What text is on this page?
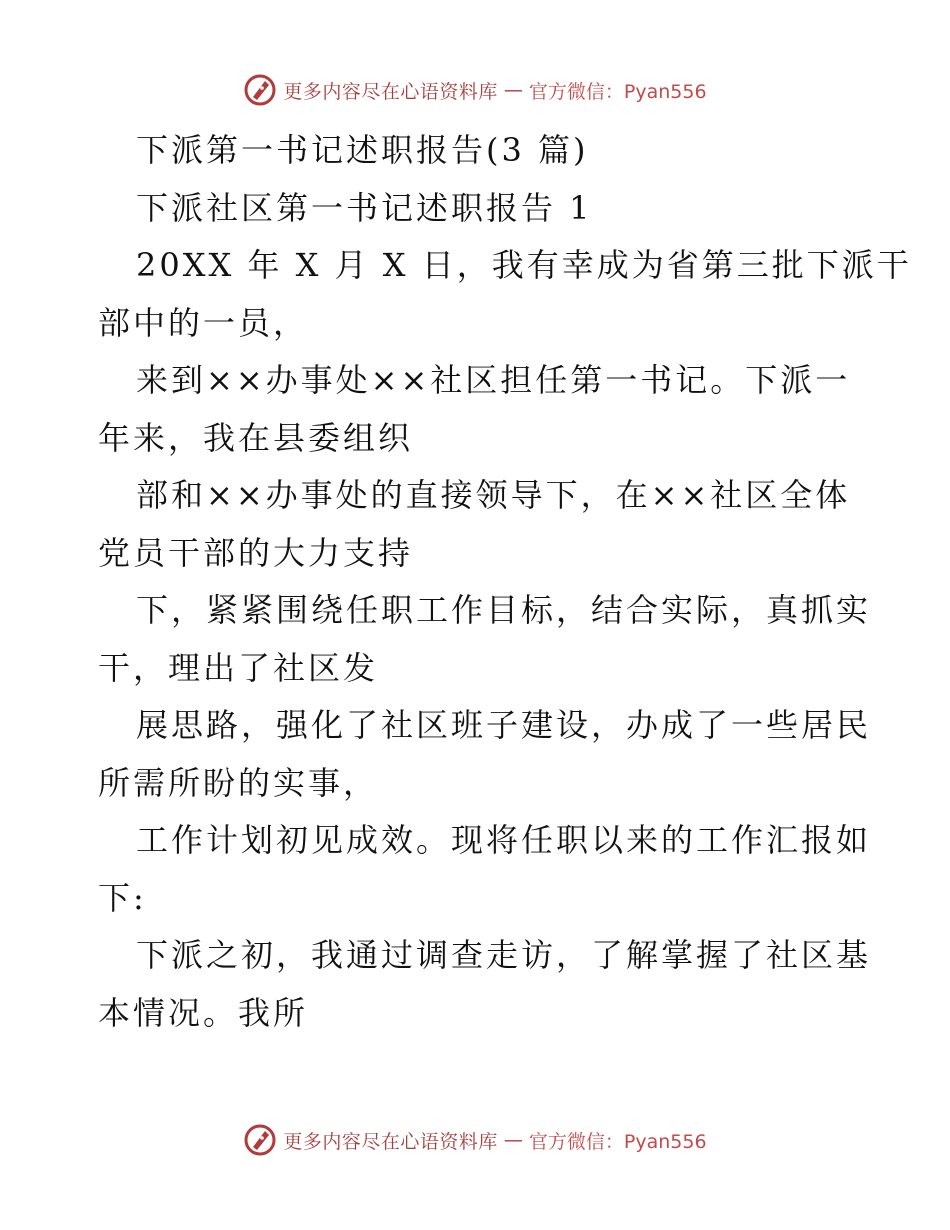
更多内容尽在心语资料库 — 官方微信：Pyan556
下派第一书记述职报告(3 篇)
下派社区第一书记述职报告 1
20XX 年 X 月 X 日，我有幸成为省第三批下派干
部中的一员，
来到××办事处××社区担任第一书记。下派一
年来，我在县委组织
部和××办事处的直接领导下，在××社区全体
党员干部的大力支持
下，紧紧围绕任职工作目标，结合实际，真抓实
干，理出了社区发
展思路，强化了社区班子建设，办成了一些居民
所需所盼的实事，
工作计划初见成效。现将任职以来的工作汇报如
下:
下派之初，我通过调查走访，了解掌握了社区基
本情况。我所
更多内容尽在心语资料库 — 官方微信：Pyan556
